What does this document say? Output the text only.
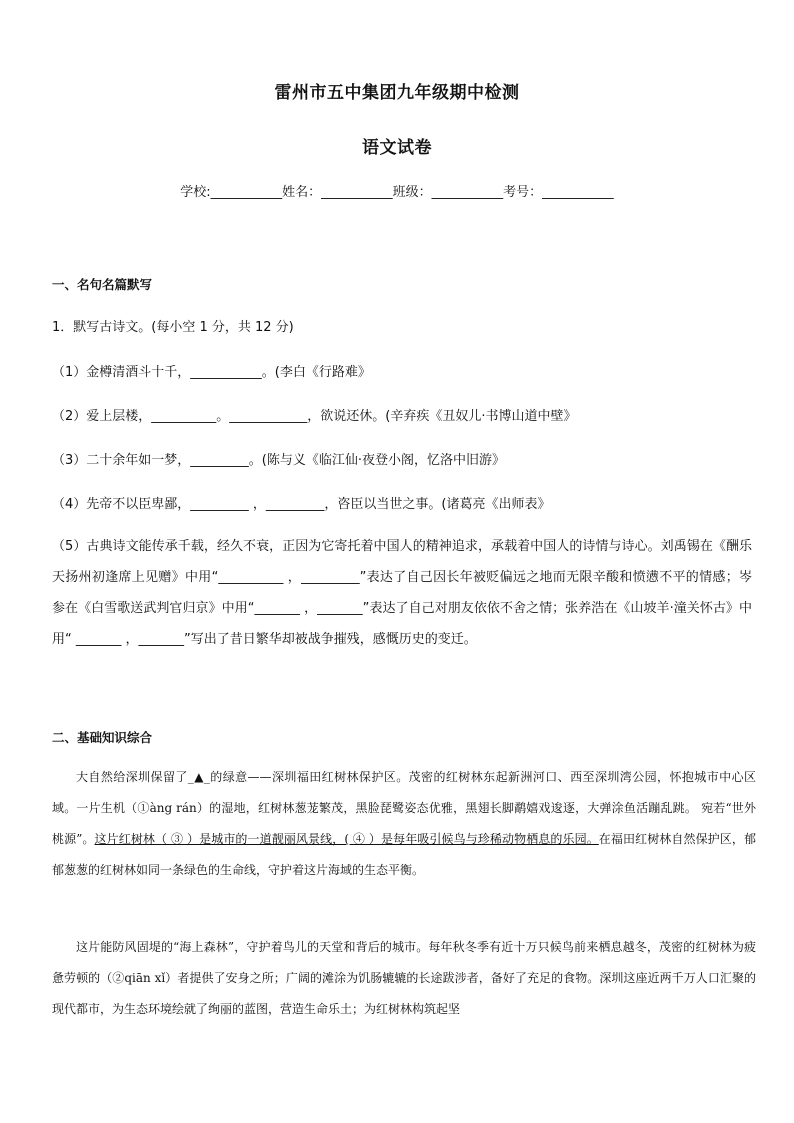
雷州市五中集团九年级期中检测
语文试卷
学校:___________姓名：___________班级：___________考号：___________
一、名句名篇默写
1．默写古诗文。(每小空 1 分，共 12 分)
（1）金樽清酒斗十千，___________。(李白《行路难》
（2）爱上层楼，__________。____________，欲说还休。(辛弃疾《丑奴儿·书博山道中壁》
（3）二十余年如一梦，_________。(陈与义《临江仙·夜登小阁，忆洛中旧游》
（4）先帝不以臣卑鄙，_________ ，_________，咨臣以当世之事。(诸葛亮《出师表》
（5）古典诗文能传承千载，经久不衰，正因为它寄托着中国人的精神追求，承载着中国人的诗情与诗心。刘禹锡在《酬乐天扬州初逢席上见赠》中用“__________ ，_________”表达了自己因长年被贬偏远之地而无限辛酸和愤懑不平的情感；岑参在《白雪歌送武判官归京》中用“_______ ，_______”表达了自己对朋友依依不舍之情；张养浩在《山坡羊·潼关怀古》中用“ _______ ，_______”写出了昔日繁华却被战争摧残，感慨历史的变迁。
二、基础知识综合
大自然给深圳保留了_▲_的绿意——深圳福田红树林保护区。茂密的红树林东起新洲河口、西至深圳湾公园，怀抱城市中心区域。一片生机（①àng rán）的湿地，红树林葱茏繁茂，黑脸琵鹭姿态优雅，黑翅长脚鹬嬉戏逡逐，大弹涂鱼活蹦乱跳。 宛若“世外桃源”。这片红树林（ ③ ）是城市的一道靓丽风景线，( ④ ）是每年吸引候鸟与珍稀动物栖息的乐园。在福田红树林自然保护区，郁郁葱葱的红树林如同一条绿色的生命线，守护着这片海域的生态平衡。
这片能防风固堤的“海上森林”，守护着鸟儿的天堂和背后的城市。每年秋冬季有近十万只候鸟前来栖息越冬，茂密的红树林为疲惫劳顿的（②qiān xǐ）者提供了安身之所；广阔的滩涂为饥肠辘辘的长途跋涉者，备好了充足的食物。深圳这座近两千万人口汇聚的现代都市，为生态环境绘就了绚丽的蓝图，营造生命乐土；为红树林构筑起坚
